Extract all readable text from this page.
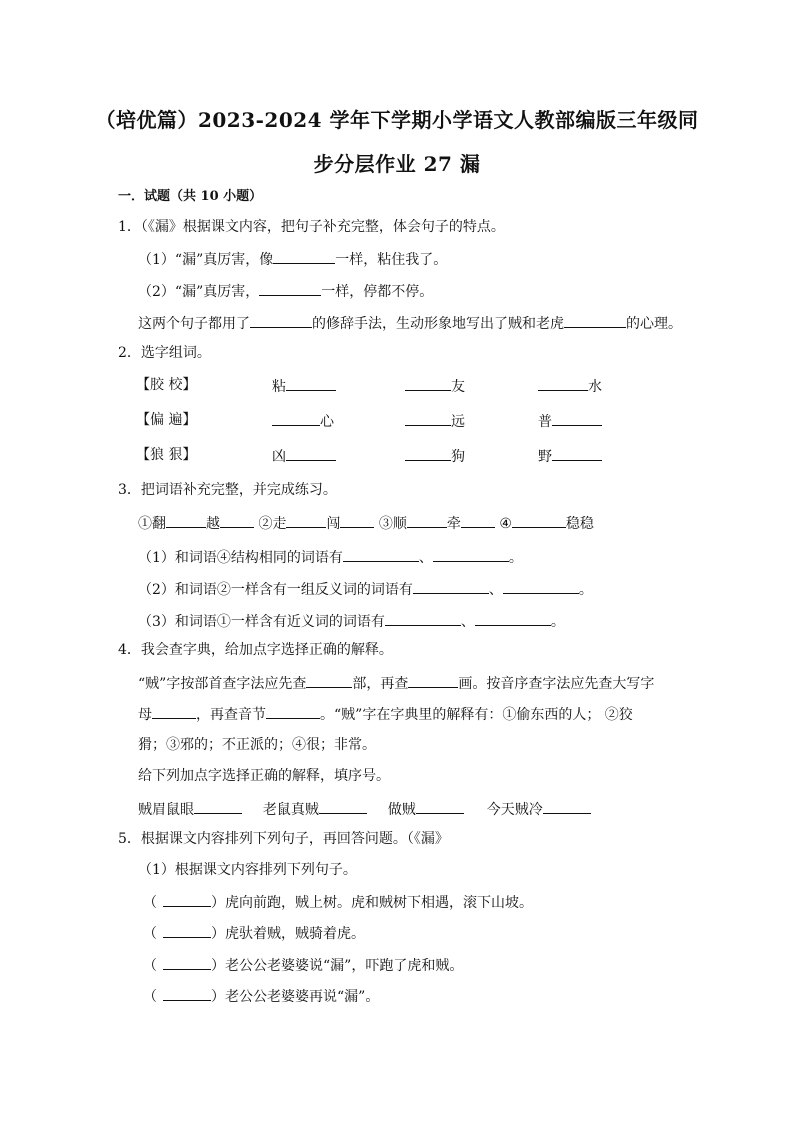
（培优篇）2023-2024 学年下学期小学语文人教部编版三年级同
步分层作业 27 漏
一．试题（共 10 小题）
1．（《漏》根据课文内容，把句子补充完整，体会句子的特点。
（1）“漏”真厉害，像	一样，粘住我了。
（2）“漏”真厉害，	一样，停都不停。
这两个句子都用了	的修辞手法，生动形象地写出了贼和老虎	的心理。
2．选字组词。
【胶 校】	粘	友	水
【偏 遍】	心	远	普
【狼 狠】	凶	狗	野
3．把词语补充完整，并完成练习。
①翻	越	②走	闯	③顺	牵	④	稳稳
（1）和词语④结构相同的词语有	、	。
（2）和词语②一样含有一组反义词的词语有	、	。
（3）和词语①一样含有近义词的词语有	、	。
4．我会查字典，给加点字选择正确的解释。
“贼”字按部首查字法应先查	部，再查	画。按音序查字法应先查大写字
母	，再查音节	。“贼”字在字典里的解释有：①偷东西的人； ②狡
猾；③邪的；不正派的；④很；非常。
给下列加点字选择正确的解释，填序号。
贼眉鼠眼	老鼠真贼	做贼	今天贼冷
5．根据课文内容排列下列句子，再回答问题。（《漏》
（1）根据课文内容排列下列句子。
（	）虎向前跑，贼上树。虎和贼树下相遇，滚下山坡。
（	）虎驮着贼，贼骑着虎。
（	）老公公老婆婆说“漏”，吓跑了虎和贼。
（	）老公公老婆婆再说“漏”。
